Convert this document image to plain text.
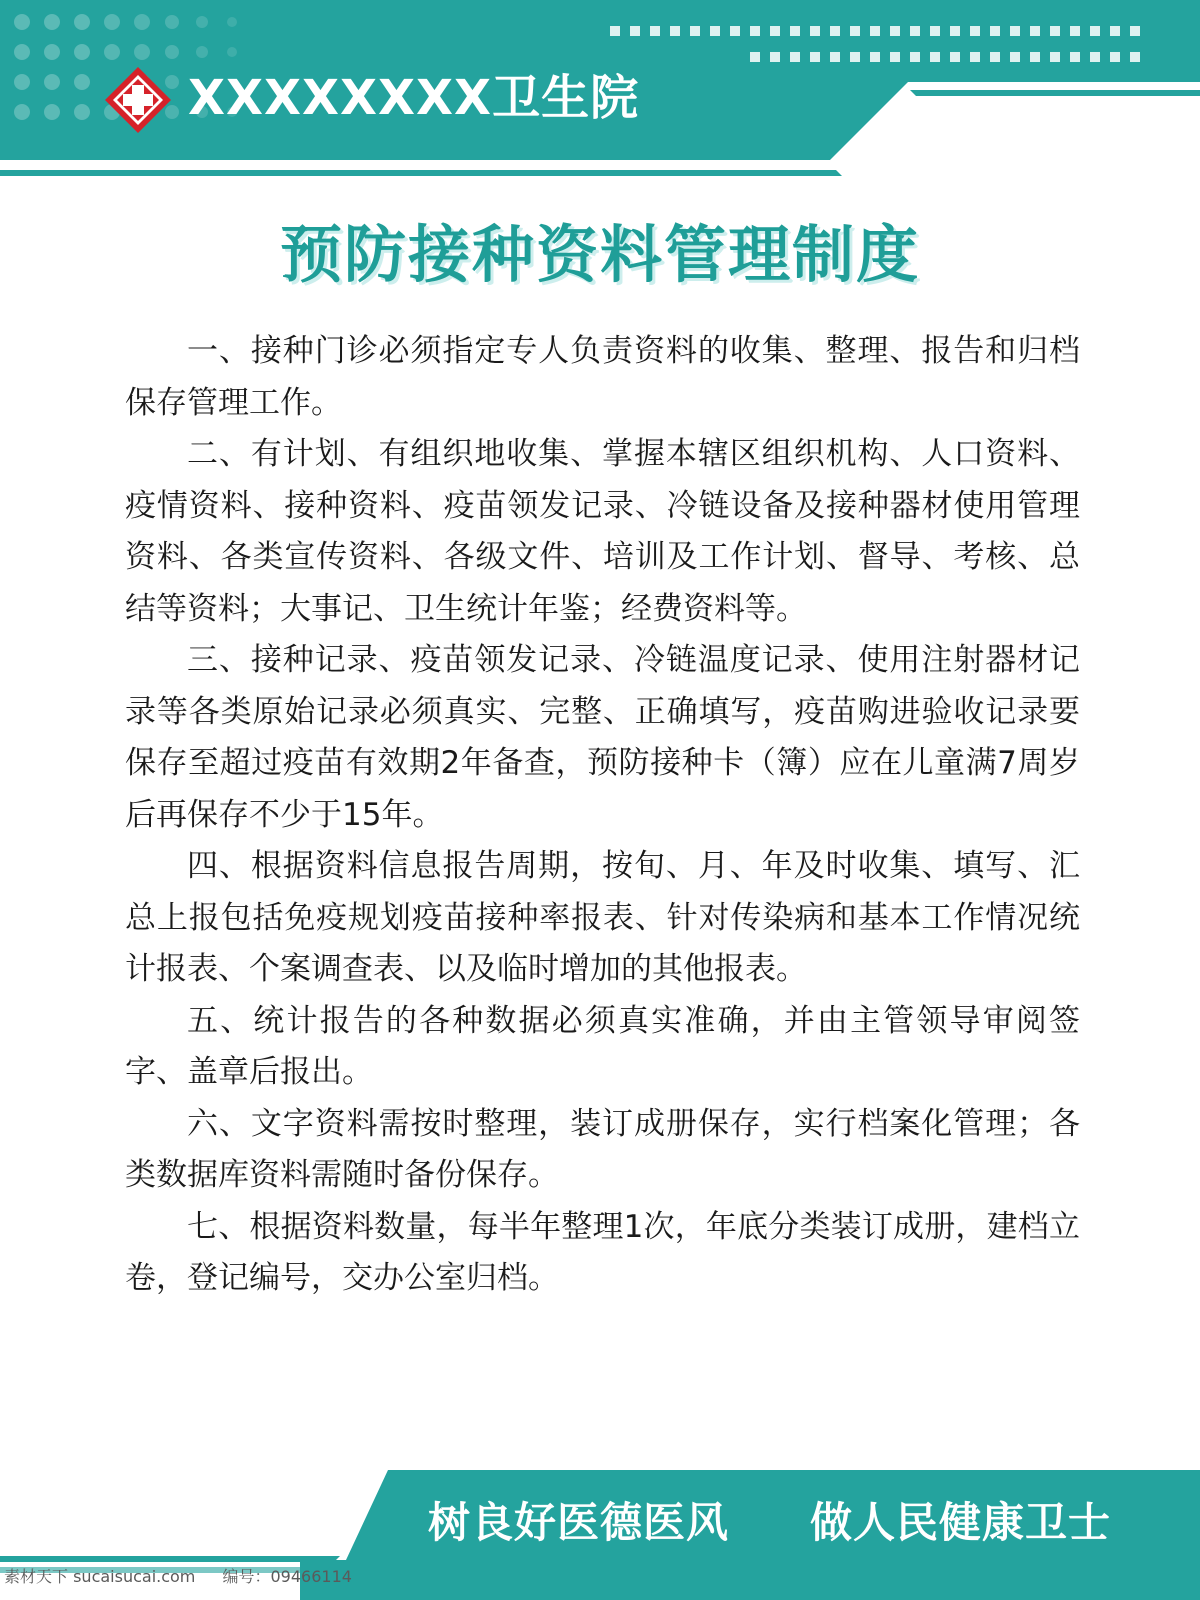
XXXXXXXX卫生院
预防接种资料管理制度

一、接种门诊必须指定专人负责资料的收集、整理、报告和归档保存管理工作。

二、有计划、有组织地收集、掌握本辖区组织机构、人口资料、疫情资料、接种资料、疫苗领发记录、冷链设备及接种器材使用管理资料、各类宣传资料、各级文件、培训及工作计划、督导、考核、总结等资料；大事记、卫生统计年鉴；经费资料等。

三、接种记录、疫苗领发记录、冷链温度记录、使用注射器材记录等各类原始记录必须真实、完整、正确填写，疫苗购进验收记录要保存至超过疫苗有效期2年备查，预防接种卡（簿）应在儿童满7周岁后再保存不少于15年。

四、根据资料信息报告周期，按旬、月、年及时收集、填写、汇总上报包括免疫规划疫苗接种率报表、针对传染病和基本工作情况统计报表、个案调查表、以及临时增加的其他报表。

五、统计报告的各种数据必须真实准确，并由主管领导审阅签字、盖章后报出。

六、文字资料需按时整理，装订成册保存，实行档案化管理；各类数据库资料需随时备份保存。

七、根据资料数量，每半年整理1次，年底分类装订成册，建档立卷，登记编号，交办公室归档。

树良好医德医风 做人民健康卫士
素材天下 sucaisucai.com 编号：09466114
